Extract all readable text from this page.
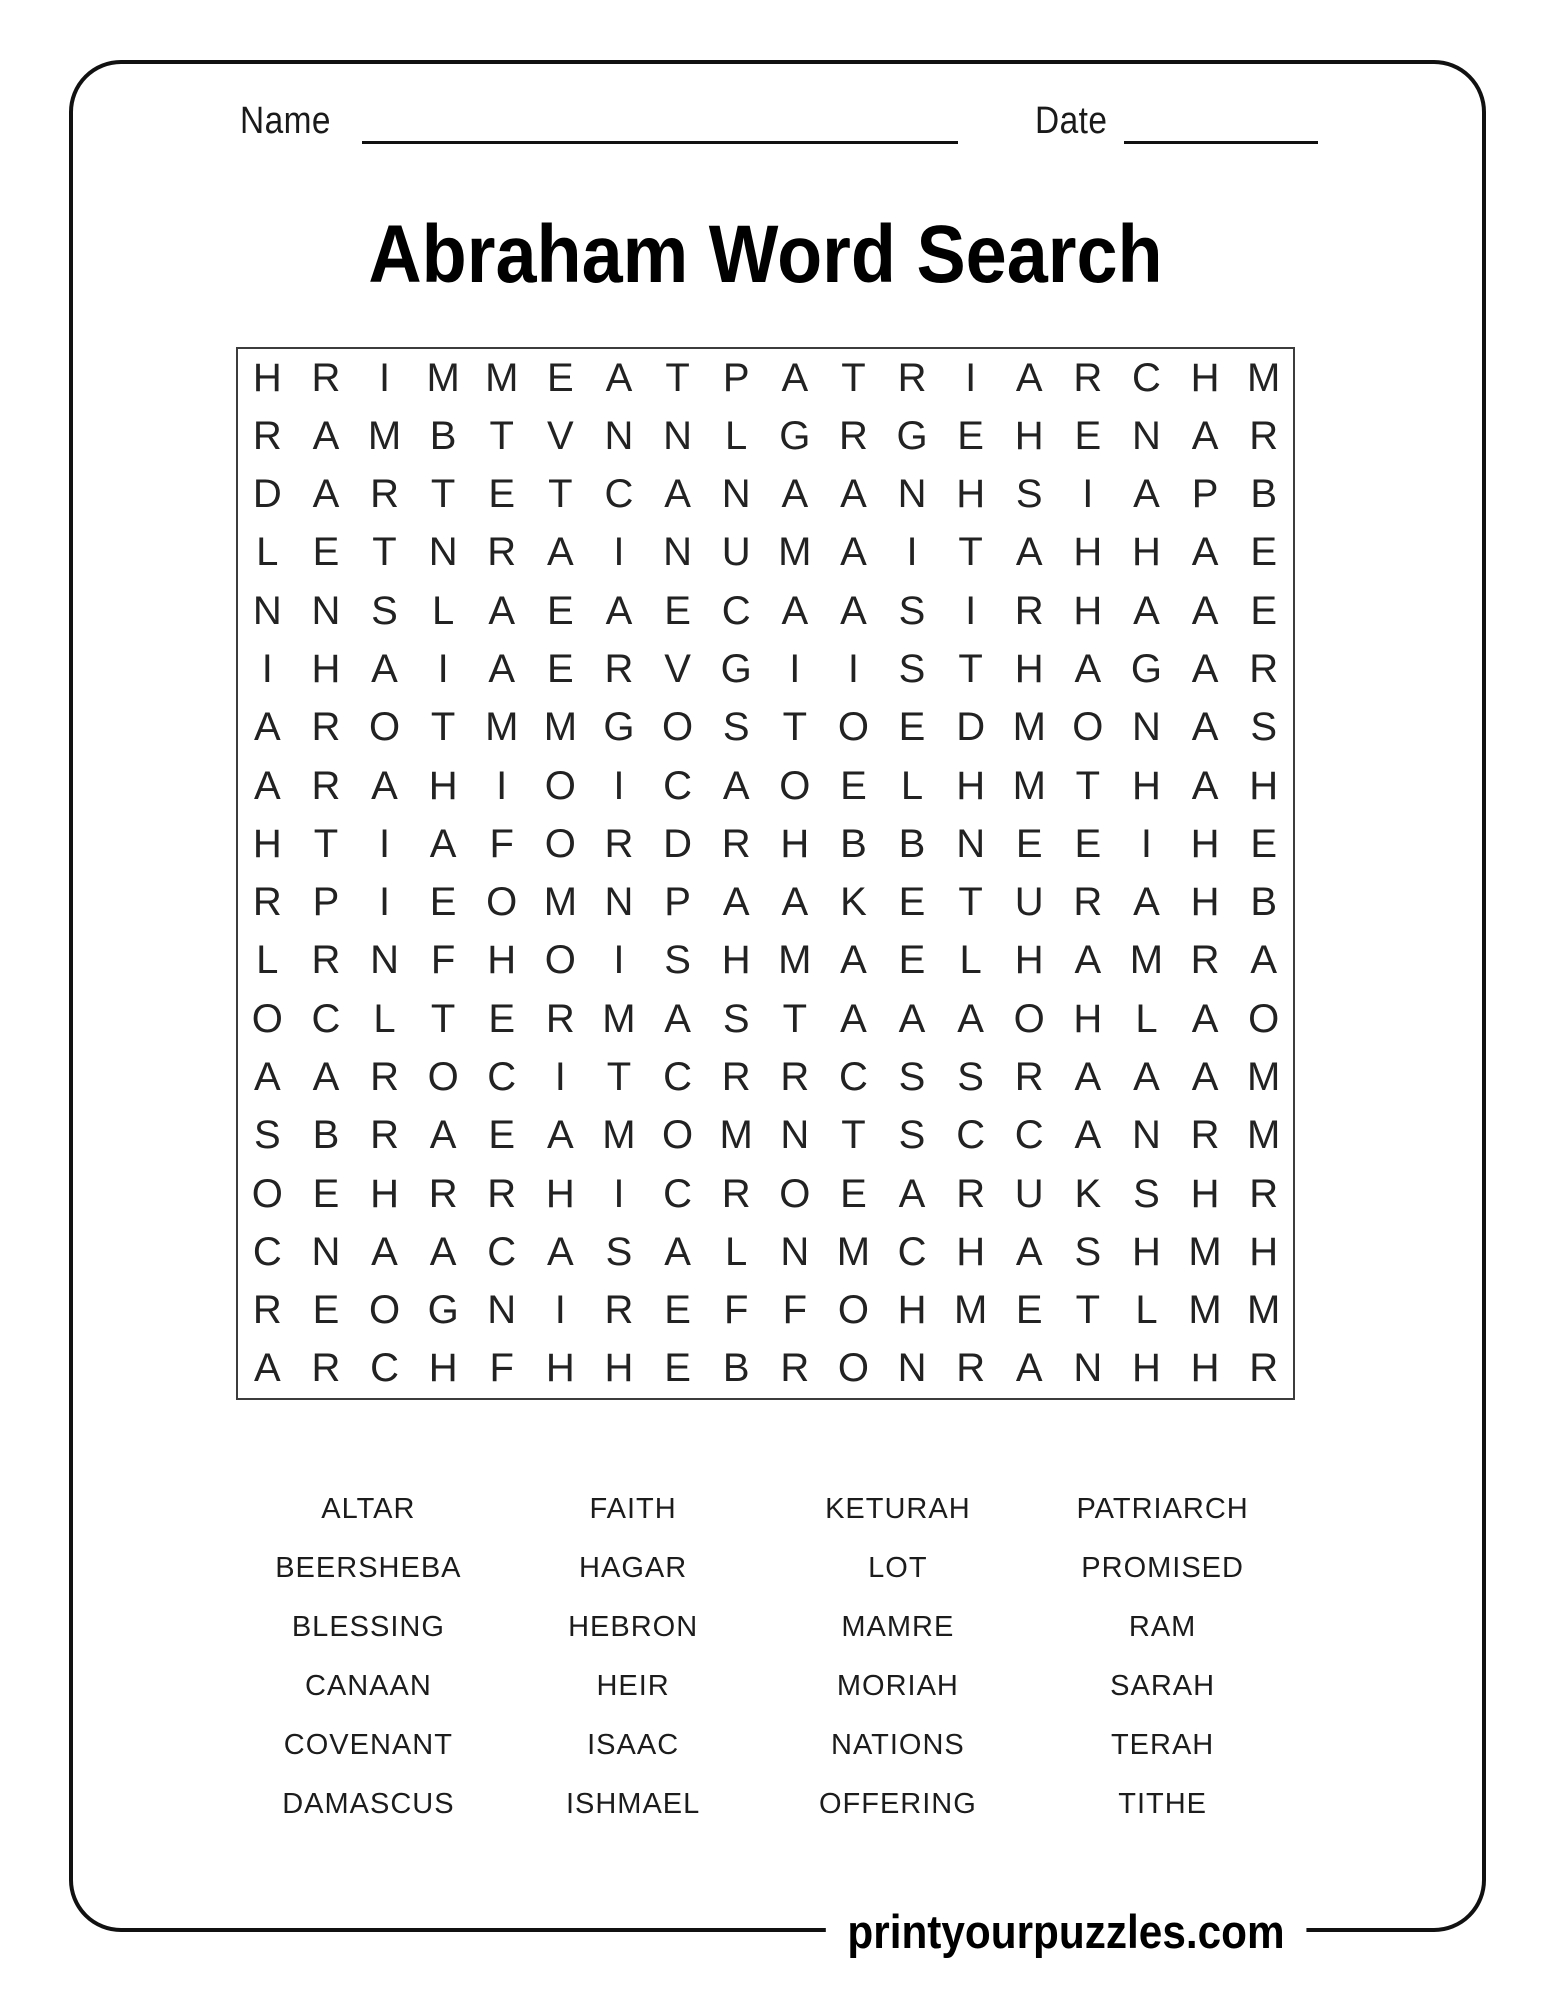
Name	Date
Abraham Word Search
H R I M M E A T P A T R I A R C H M
R A M B T V N N L G R G E H E N A R
D A R T E T C A N A A N H S I A P B
L E T N R A I N U M A I	T A H H A E
N N S L A E A E C A A S I R H A A E
I H A I A E R V G I	I S T H A G A R
A R O T M M G O S T O E D M O N A S
A R A H I O I C A O E L H M T H A H
H T	I A F O R D R H B B N E E I H E
R P I E O M N P A A K E T U R A H B
L R N F H O I S H M A E L H A M R A
O C L T E R M A S T A A A O H L A O
A A R O C I	T C R R C S S R A A A M
S B R A E A M O M N T S C C A N R M
O E H R R H I C R O E A R U K S H R
C N A A C A S A L N M C H A S H M H
R E O G N I R E F F O H M E T L M M
A R C H F H H E B R O N R A N H H R
ALTAR
BEERSHEBA
BLESSING
CANAAN
COVENANT
DAMASCUS
FAITH
HAGAR
HEBRON
HEIR
ISAAC
ISHMAEL
KETURAH
LOT
MAMRE
MORIAH
NATIONS
OFFERING
PATRIARCH
PROMISED
RAM
SARAH
TERAH
TITHE
printyourpuzzles.com
